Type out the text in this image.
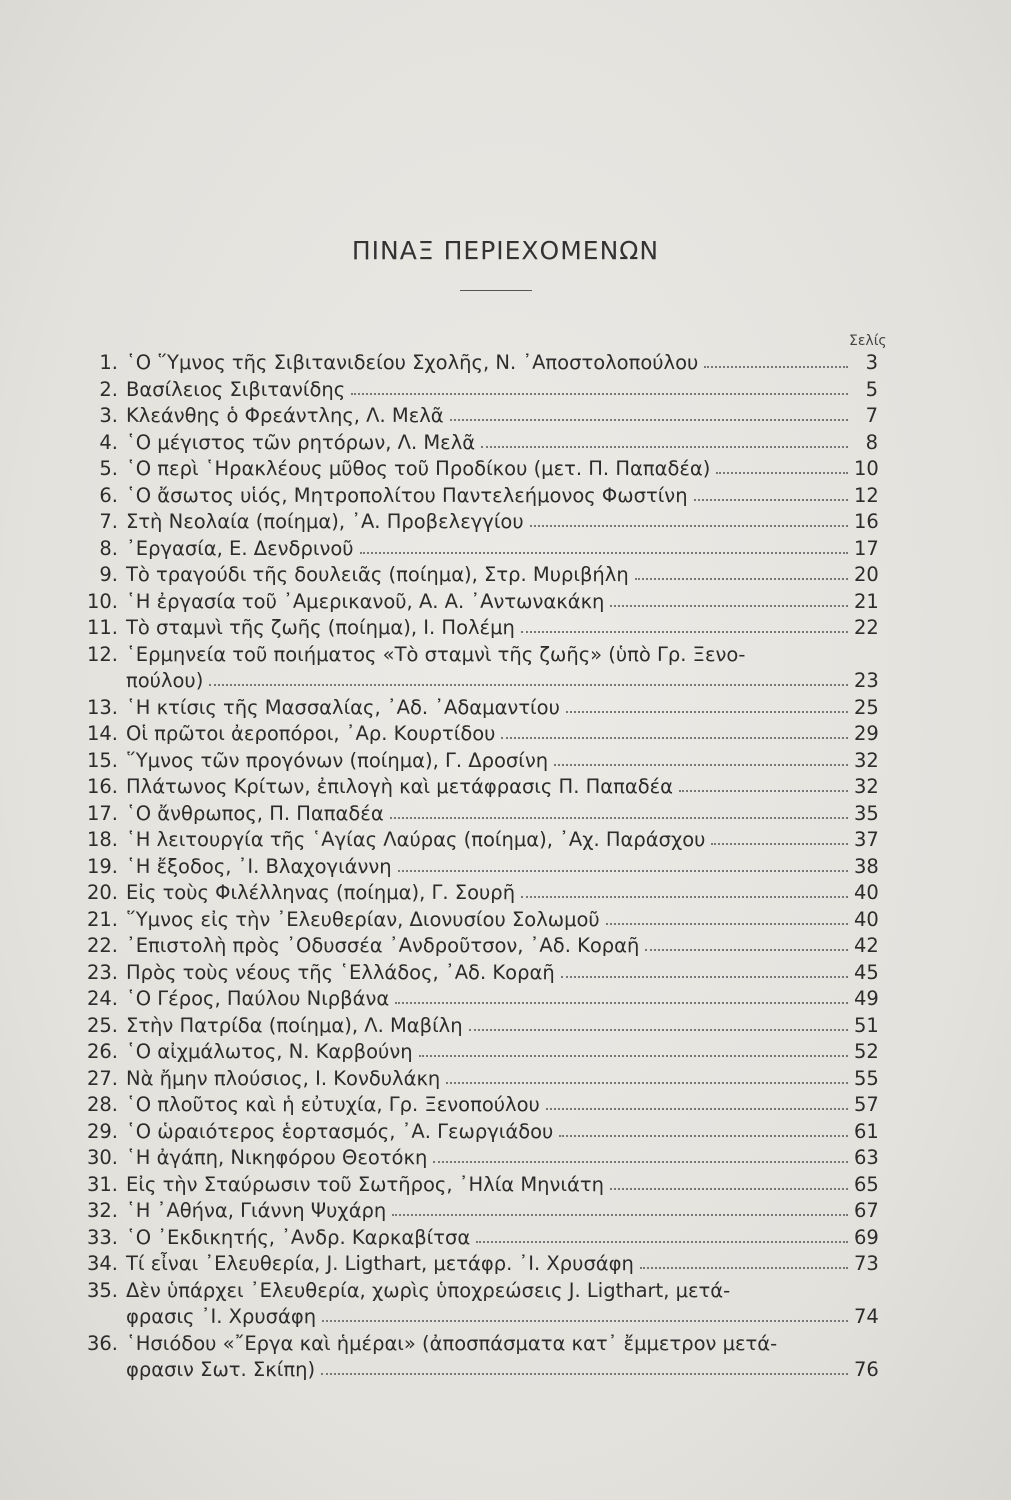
ΠΙΝΑΞ ΠΕΡΙΕΧΟΜΕΝΩΝ
Σελίς
1. ῾Ο ῞Υμνος τῆς Σιβιτανιδείου Σχολῆς, Ν. ᾿Αποστολοπούλου	3
2. Βασίλειος Σιβιτανίδης	5
3. Κλεάνθης ὁ Φρεάντλης, Λ. Μελᾶ	7
4. ῾Ο μέγιστος τῶν ρητόρων, Λ. Μελᾶ	8
5. ῾Ο περὶ ῾Ηρακλέους μῦθος τοῦ Προδίκου (μετ. Π. Παπαδέα)	10
6. ῾Ο ἄσωτος υἱός, Μητροπολίτου Παντελεήμονος Φωστίνη	12
7. Στὴ Νεολαία (ποίημα), ᾿Α. Προβελεγγίου	16
8. ᾿Εργασία, Ε. Δενδρινοῦ	17
9. Τὸ τραγούδι τῆς δουλειᾶς (ποίημα), Στρ. Μυριβήλη	20
10. ῾Η ἐργασία τοῦ ᾿Αμερικανοῦ, Α. Α. ᾿Αντωνακάκη	21
11. Τὸ σταμνὶ τῆς ζωῆς (ποίημα), Ι. Πολέμη	22
12. ῾Ερμηνεία τοῦ ποιήματος «Τὸ σταμνὶ τῆς ζωῆς» (ὑπὸ Γρ. Ξενο-
πούλου)	23
13. ῾Η κτίσις τῆς Μασσαλίας, ᾿Αδ. ᾿Αδαμαντίου	25
14. Οἱ πρῶτοι ἀεροπόροι, ᾿Αρ. Κουρτίδου	29
15. ῞Υμνος τῶν προγόνων (ποίημα), Γ. Δροσίνη	32
16. Πλάτωνος Κρίτων, ἐπιλογὴ καὶ μετάφρασις Π. Παπαδέα	32
17. ῾Ο ἄνθρωπος, Π. Παπαδέα	35
18. ῾Η λειτουργία τῆς ῾Αγίας Λαύρας (ποίημα), ᾿Αχ. Παράσχου	37
19. ῾Η ἔξοδος, ᾿Ι. Βλαχογιάννη	38
20. Εἰς τοὺς Φιλέλληνας (ποίημα), Γ. Σουρῆ	40
21. ῞Υμνος εἰς τὴν ᾿Ελευθερίαν, Διονυσίου Σολωμοῦ	40
22. ᾿Επιστολὴ πρὸς ᾿Οδυσσέα ᾿Ανδροῦτσον, ᾿Αδ. Κοραῆ	42
23. Πρὸς τοὺς νέους τῆς ῾Ελλάδος, ᾿Αδ. Κοραῆ	45
24. ῾Ο Γέρος, Παύλου Νιρβάνα	49
25. Στὴν Πατρίδα (ποίημα), Λ. Μαβίλη	51
26. ῾Ο αἰχμάλωτος, Ν. Καρβούνη	52
27. Νὰ ἤμην πλούσιος, Ι. Κονδυλάκη	55
28. ῾Ο πλοῦτος καὶ ἡ εὐτυχία, Γρ. Ξενοπούλου	57
29. ῾Ο ὡραιότερος ἑορτασμός, ᾿Α. Γεωργιάδου	61
30. ῾Η ἀγάπη, Νικηφόρου Θεοτόκη	63
31. Εἰς τὴν Σταύρωσιν τοῦ Σωτῆρος, ᾿Ηλία Μηνιάτη	65
32. ῾Η ᾿Αθήνα, Γιάννη Ψυχάρη	67
33. ῾Ο ᾿Εκδικητής, ᾿Ανδρ. Καρκαβίτσα	69
34. Τί εἶναι ᾿Ελευθερία, J. Ligthart, μετάφρ. ᾿Ι. Χρυσάφη	73
35. Δὲν ὑπάρχει ᾿Ελευθερία, χωρὶς ὑποχρεώσεις J. Ligthart, μετά-
φρασις ᾿Ι. Χρυσάφη	74
36. ῾Ησιόδου «῎Εργα καὶ ἡμέραι» (ἀποσπάσματα κατ᾿ ἔμμετρον μετά-
φρασιν Σωτ. Σκίπη)	76
